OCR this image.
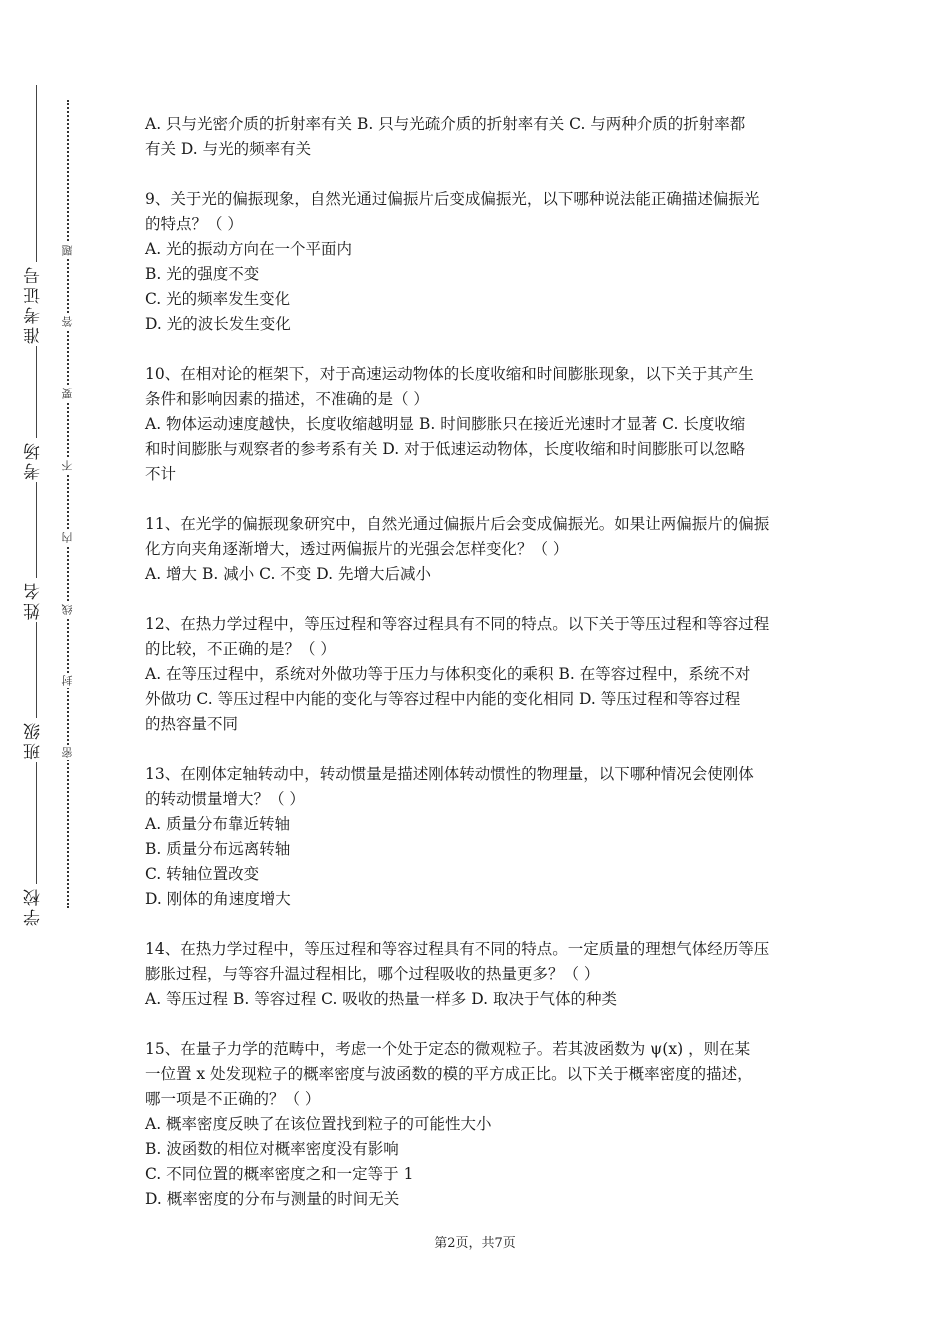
准考证号
考场
姓名
班级
学校
题
答
要
不
内
线
封
密

A. 只与光密介质的折射率有关 B. 只与光疏介质的折射率有关 C. 与两种介质的折射率都

有关 D. 与光的频率有关

9、关于光的偏振现象，自然光通过偏振片后变成偏振光，以下哪种说法能正确描述偏振光

的特点？（ ）

A. 光的振动方向在一个平面内

B. 光的强度不变

C. 光的频率发生变化

D. 光的波长发生变化

10、在相对论的框架下，对于高速运动物体的长度收缩和时间膨胀现象，以下关于其产生

条件和影响因素的描述，不准确的是（ ）

A. 物体运动速度越快，长度收缩越明显 B. 时间膨胀只在接近光速时才显著 C. 长度收缩

和时间膨胀与观察者的参考系有关 D. 对于低速运动物体，长度收缩和时间膨胀可以忽略

不计

11、在光学的偏振现象研究中，自然光通过偏振片后会变成偏振光。如果让两偏振片的偏振

化方向夹角逐渐增大，透过两偏振片的光强会怎样变化？（ ）

A. 增大 B. 减小 C. 不变 D. 先增大后减小

12、在热力学过程中，等压过程和等容过程具有不同的特点。以下关于等压过程和等容过程

的比较，不正确的是？（ ）

A. 在等压过程中，系统对外做功等于压力与体积变化的乘积 B. 在等容过程中，系统不对

外做功 C. 等压过程中内能的变化与等容过程中内能的变化相同 D. 等压过程和等容过程

的热容量不同

13、在刚体定轴转动中，转动惯量是描述刚体转动惯性的物理量，以下哪种情况会使刚体

的转动惯量增大？（ ）

A. 质量分布靠近转轴

B. 质量分布远离转轴

C. 转轴位置改变

D. 刚体的角速度增大

14、在热力学过程中，等压过程和等容过程具有不同的特点。一定质量的理想气体经历等压

膨胀过程，与等容升温过程相比，哪个过程吸收的热量更多？（ ）

A. 等压过程 B. 等容过程 C. 吸收的热量一样多 D. 取决于气体的种类

15、在量子力学的范畴中，考虑一个处于定态的微观粒子。若其波函数为 ψ(x) ，则在某

一位置 x 处发现粒子的概率密度与波函数的模的平方成正比。以下关于概率密度的描述，

哪一项是不正确的？（ ）

A. 概率密度反映了在该位置找到粒子的可能性大小

B. 波函数的相位对概率密度没有影响

C. 不同位置的概率密度之和一定等于 1

D. 概率密度的分布与测量的时间无关

第2页，共7页
